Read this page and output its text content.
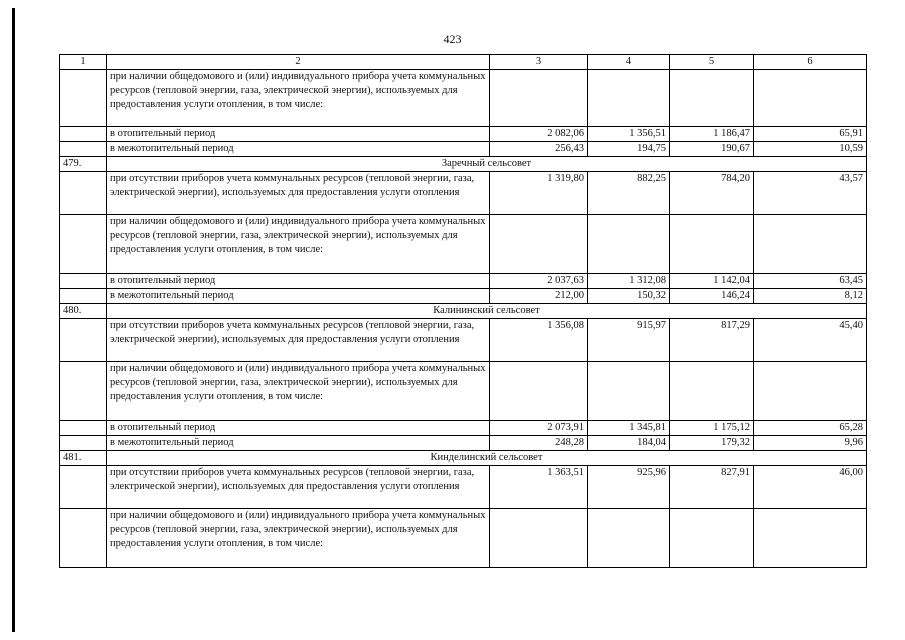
423
1	2	3	4	5	6
	при наличии общедомового и (или) индивидуального прибора учета коммунальных ресурсов (тепловой энергии, газа, электрической энергии), используемых для предоставления услуги отопления, в том числе:				
	в отопительный период	2 082,06	1 356,51	1 186,47	65,91
	в межотопительный период	256,43	194,75	190,67	10,59
479.	Заречный сельсовет				
	при отсутствии приборов учета коммунальных ресурсов (тепловой энергии, газа, электрической энергии), используемых для предоставления услуги отопления	1 319,80	882,25	784,20	43,57
	при наличии общедомового и (или) индивидуального прибора учета коммунальных ресурсов (тепловой энергии, газа, электрической энергии), используемых для предоставления услуги отопления, в том числе:				
	в отопительный период	2 037,63	1 312,08	1 142,04	63,45
	в межотопительный период	212,00	150,32	146,24	8,12
480.	Калининский сельсовет				
	при отсутствии приборов учета коммунальных ресурсов (тепловой энергии, газа, электрической энергии), используемых для предоставления услуги отопления	1 356,08	915,97	817,29	45,40
	при наличии общедомового и (или) индивидуального прибора учета коммунальных ресурсов (тепловой энергии, газа, электрической энергии), используемых для предоставления услуги отопления, в том числе:				
	в отопительный период	2 073,91	1 345,81	1 175,12	65,28
	в межотопительный период	248,28	184,04	179,32	9,96
481.	Кинделинский сельсовет				
	при отсутствии приборов учета коммунальных ресурсов (тепловой энергии, газа, электрической энергии), используемых для предоставления услуги отопления	1 363,51	925,96	827,91	46,00
	при наличии общедомового и (или) индивидуального прибора учета коммунальных ресурсов (тепловой энергии, газа, электрической энергии), используемых для предоставления услуги отопления, в том числе:				
